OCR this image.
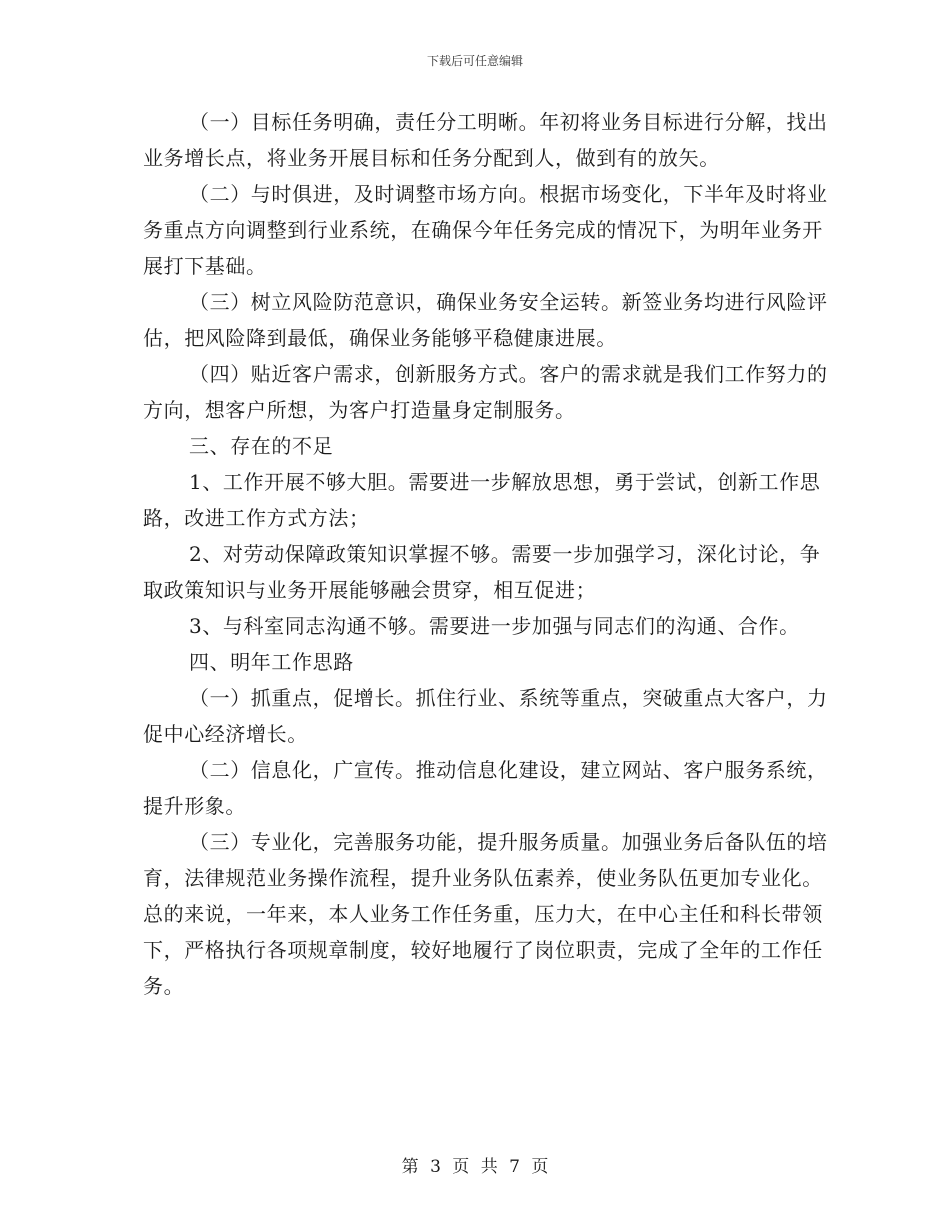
下载后可任意编辑

（一）目标任务明确，责任分工明晰。年初将业务目标进行分解，找出业务增长点，将业务开展目标和任务分配到人，做到有的放矢。

（二）与时俱进，及时调整市场方向。根据市场变化，下半年及时将业务重点方向调整到行业系统，在确保今年任务完成的情况下，为明年业务开展打下基础。

（三）树立风险防范意识，确保业务安全运转。新签业务均进行风险评估，把风险降到最低，确保业务能够平稳健康进展。

（四）贴近客户需求，创新服务方式。客户的需求就是我们工作努力的方向，想客户所想，为客户打造量身定制服务。

三、存在的不足

1、工作开展不够大胆。需要进一步解放思想，勇于尝试，创新工作思路，改进工作方式方法；

2、对劳动保障政策知识掌握不够。需要一步加强学习，深化讨论，争取政策知识与业务开展能够融会贯穿，相互促进；

3、与科室同志沟通不够。需要进一步加强与同志们的沟通、合作。

四、明年工作思路

（一）抓重点，促增长。抓住行业、系统等重点，突破重点大客户，力促中心经济增长。

（二）信息化，广宣传。推动信息化建设，建立网站、客户服务系统，提升形象。

（三）专业化，完善服务功能，提升服务质量。加强业务后备队伍的培育，法律规范业务操作流程，提升业务队伍素养，使业务队伍更加专业化。总的来说，一年来，本人业务工作任务重，压力大，在中心主任和科长带领下，严格执行各项规章制度，较好地履行了岗位职责，完成了全年的工作任务。

第 3 页 共 7 页
